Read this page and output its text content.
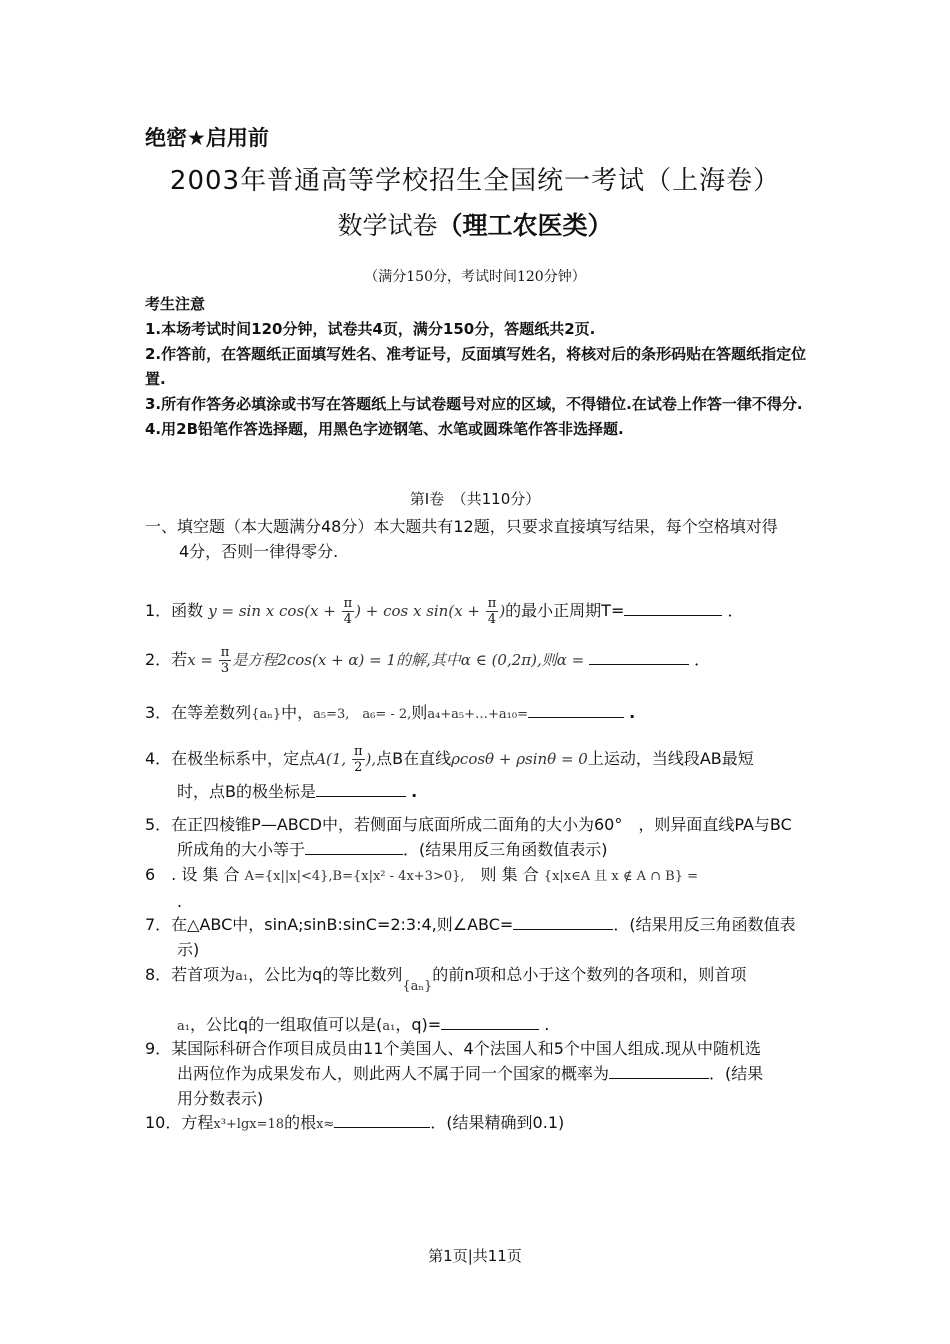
绝密★启用前
2003年普通高等学校招生全国统一考试（上海卷）
数学试卷（理工农医类）
（满分150分，考试时间120分钟）

考生注意

1.本场考试时间120分钟，试卷共4页，满分150分，答题纸共2页.

2.作答前，在答题纸正面填写姓名、准考证号，反面填写姓名，将核对后的条形码贴在答题纸指定位置.

3.所有作答务必填涂或书写在答题纸上与试卷题号对应的区域，不得错位.在试卷上作答一律不得分.

4.用2B铅笔作答选择题，用黑色字迹钢笔、水笔或圆珠笔作答非选择题.

第Ⅰ卷　（共110分）
一、填空题（本大题满分48分）本大题共有12题，只要求直接填写结果，每个空格填对得
4分，否则一律得零分.
1．函数 y = sin x $\cos(x + \frac{\pi}{4}$ ) + cos x $\sin(x + \frac{\pi}{4}$ )的最小正周期T=	．
2．若$x = \frac{\pi}{3}$ 是方程2cos(x + α) = 1的解,其中α ∈ (0,2π),则α =	．
3．在等差数列{aₙ}中，a₅=3,　a₆= - 2,则a₄+a₅+…+a₁₀=	.
4．在极坐标系中，定点A(1, $\frac{\pi}{2}$ ),点B在直线ρcosθ + ρsinθ = 0上运动，当线段AB最短
时，点B的极坐标是	.
5．在正四棱锥P—ABCD中，若侧面与底面所成二面角的大小为60°　，则异面直线PA与BC
所成角的大小等于	．(结果用反三角函数值表示)
6　. 设 集 合 A={x||x|<4},B={x|x² - 4x+3>0},　则 集 合 {x|x∈A 且 x ∉ A ∩ B} =
.
7．在△ABC中，sinA;sinB:sinC=2:3:4,则∠ABC=	．(结果用反三角函数值表
示)
8．若首项为a₁，公比为q的等比数列$_{\{a_n\}}$的前n项和总小于这个数列的各项和，则首项
a₁，公比q的一组取值可以是(a₁，q)=	.
9．某国际科研合作项目成员由11个美国人、4个法国人和5个中国人组成.现从中随机选
出两位作为成果发布人，则此两人不属于同一个国家的概率为	．(结果
用分数表示)
10．方程x³+lgx=18的根x≈	．(结果精确到0.1)
第1页|共11页
